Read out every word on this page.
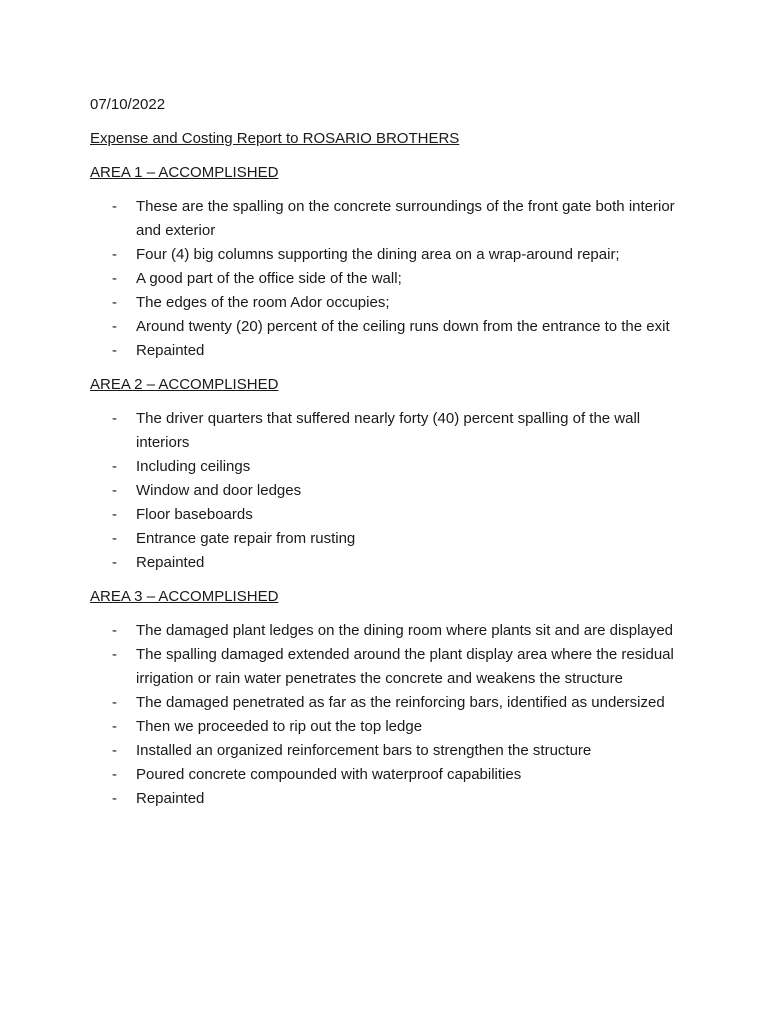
07/10/2022

Expense and Costing Report to ROSARIO BROTHERS

AREA 1 – ACCOMPLISHED

- These are the spalling on the concrete surroundings of the front gate both interior and exterior
- Four (4) big columns supporting the dining area on a wrap-around repair;
- A good part of the office side of the wall;
- The edges of the room Ador occupies;
- Around twenty (20) percent of the ceiling runs down from the entrance to the exit
- Repainted

AREA 2 – ACCOMPLISHED

- The driver quarters that suffered nearly forty (40) percent spalling of the wall interiors
- Including ceilings
- Window and door ledges
- Floor baseboards
- Entrance gate repair from rusting
- Repainted

AREA 3 – ACCOMPLISHED

- The damaged plant ledges on the dining room where plants sit and are displayed
- The spalling damaged extended around the plant display area where the residual irrigation or rain water penetrates the concrete and weakens the structure
- The damaged penetrated as far as the reinforcing bars, identified as undersized
- Then we proceeded to rip out the top ledge
- Installed an organized reinforcement bars to strengthen the structure
- Poured concrete compounded with waterproof capabilities
- Repainted
